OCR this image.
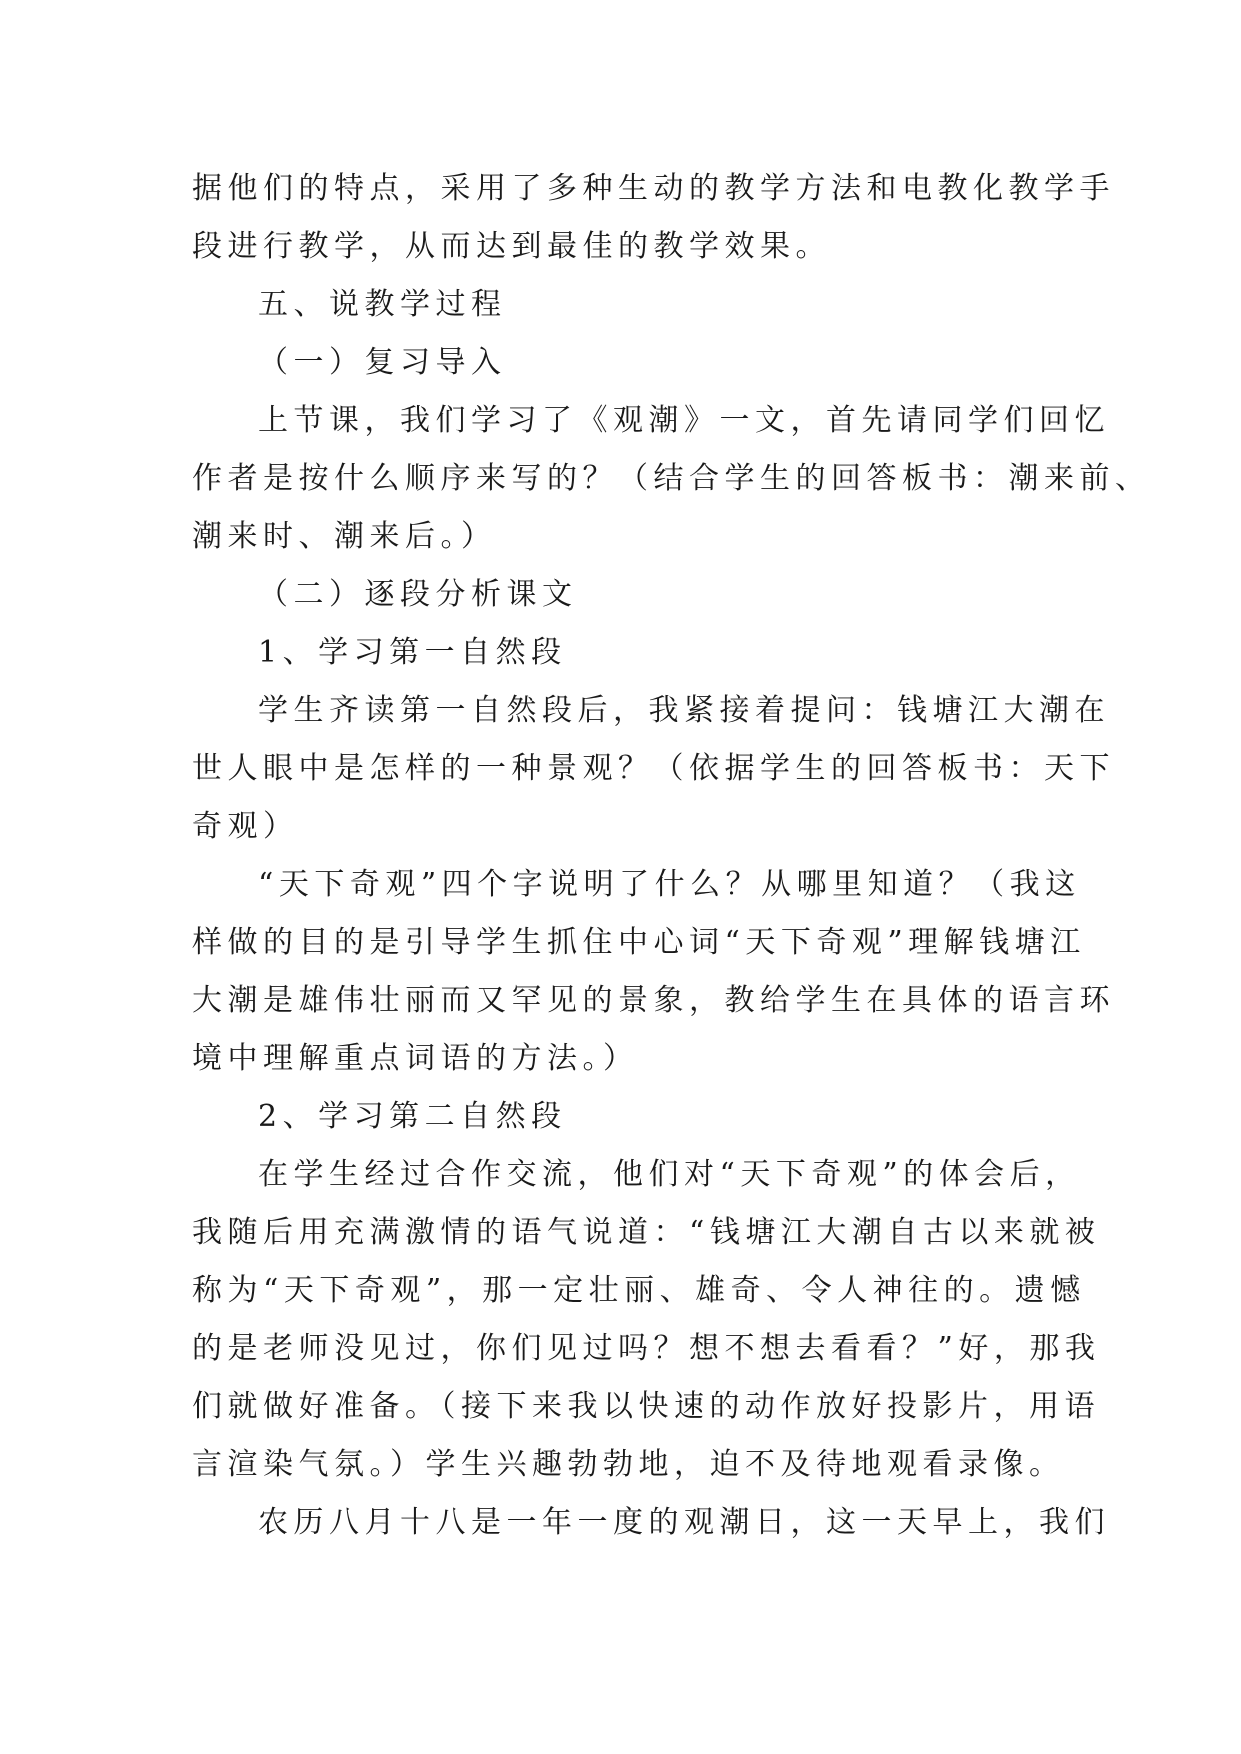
据他们的特点，采用了多种生动的教学方法和电教化教学手
段进行教学，从而达到最佳的教学效果。
五、说教学过程
（一）复习导入
上节课，我们学习了《观潮》一文，首先请同学们回忆
作者是按什么顺序来写的？（结合学生的回答板书：潮来前、
潮来时、潮来后。）
（二）逐段分析课文
1、学习第一自然段
学生齐读第一自然段后，我紧接着提问：钱塘江大潮在
世人眼中是怎样的一种景观？（依据学生的回答板书：天下
奇观）
“天下奇观”四个字说明了什么？从哪里知道？（我这
样做的目的是引导学生抓住中心词“天下奇观”理解钱塘江
大潮是雄伟壮丽而又罕见的景象，教给学生在具体的语言环
境中理解重点词语的方法。）
2、学习第二自然段
在学生经过合作交流，他们对“天下奇观”的体会后，
我随后用充满激情的语气说道：“钱塘江大潮自古以来就被
称为“天下奇观”，那一定壮丽、雄奇、令人神往的。遗憾
的是老师没见过，你们见过吗？想不想去看看？”好，那我
们就做好准备。（接下来我以快速的动作放好投影片，用语
言渲染气氛。）学生兴趣勃勃地，迫不及待地观看录像。
农历八月十八是一年一度的观潮日，这一天早上，我们
